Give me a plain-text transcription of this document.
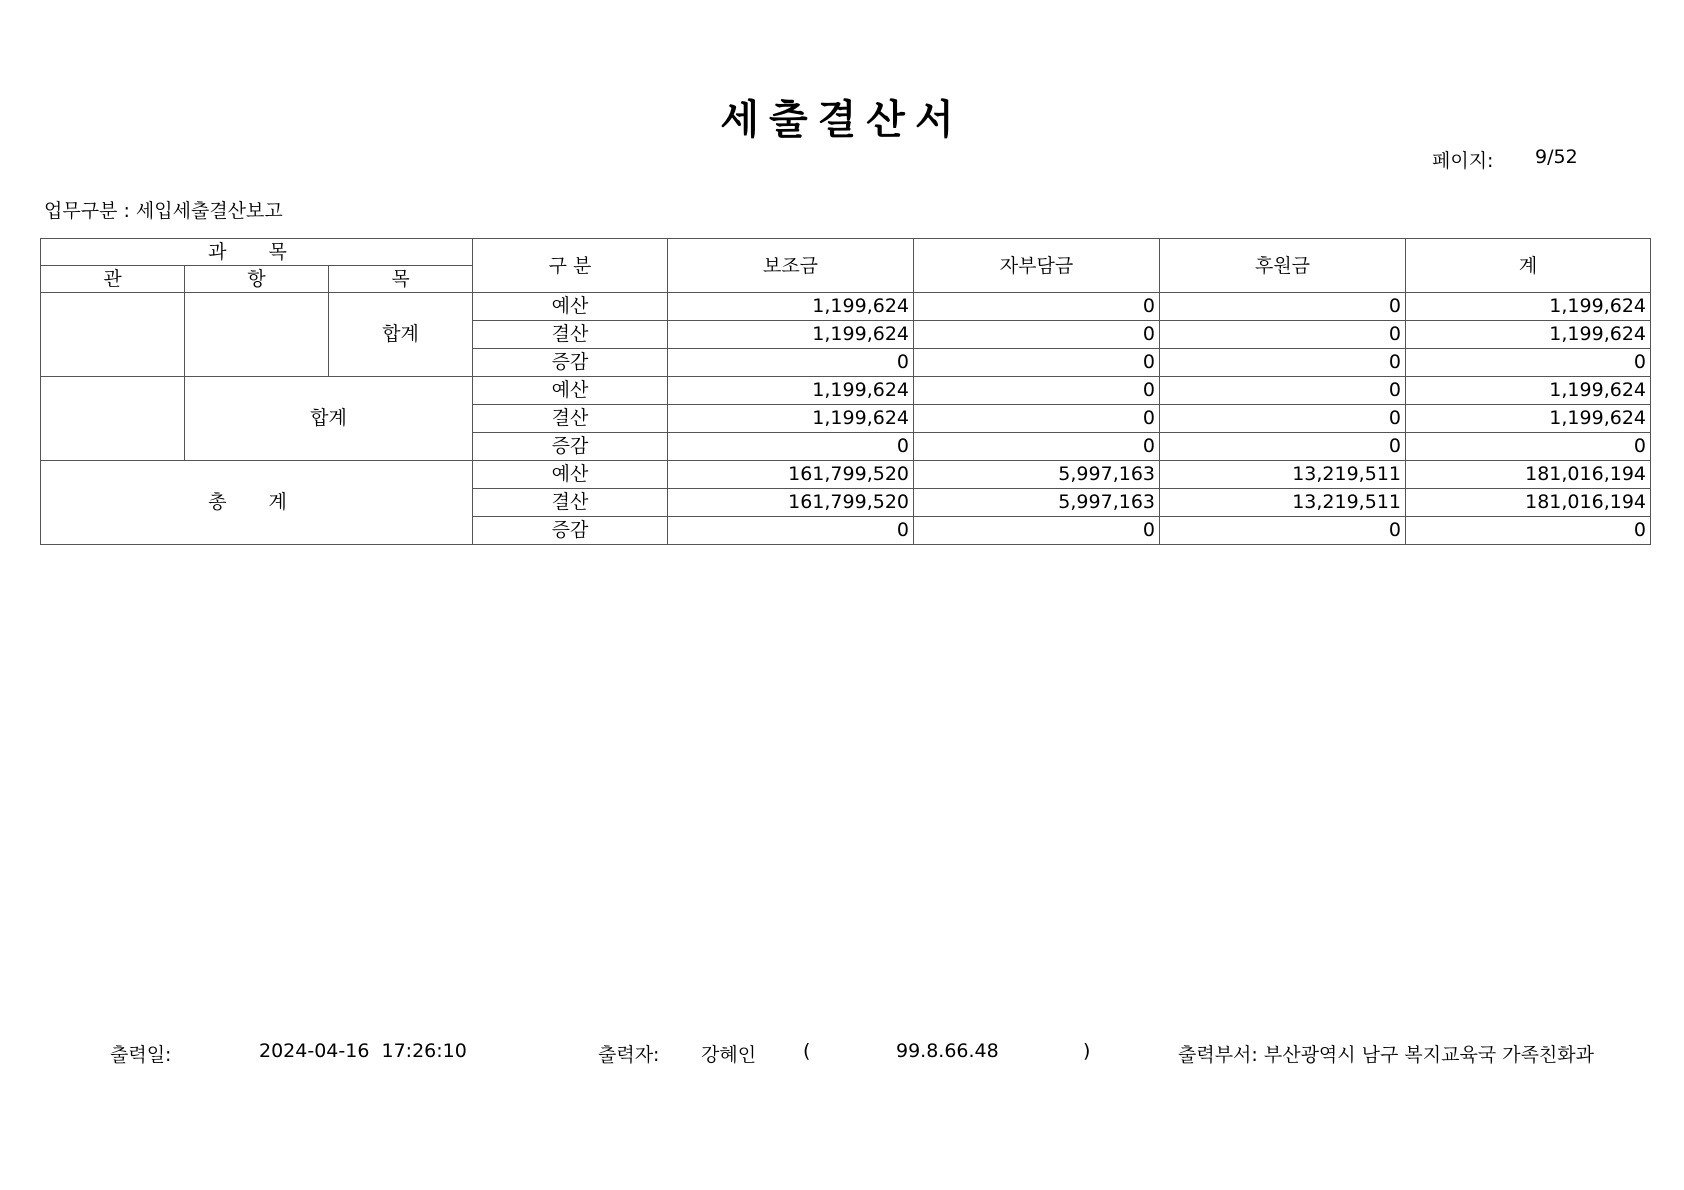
세출결산서
페이지: 9/52
업무구분 : 세입세출결산보고
과 목			구 분	보조금	자부담금	후원금	계
관	항	목					
		합계	예산	1,199,624	0	0	1,199,624
			결산	1,199,624	0	0	1,199,624
			증감	0	0	0	0
	합계		예산	1,199,624	0	0	1,199,624
			결산	1,199,624	0	0	1,199,624
			증감	0	0	0	0
총 계			예산	161,799,520	5,997,163	13,219,511	181,016,194
			결산	161,799,520	5,997,163	13,219,511	181,016,194
			증감	0	0	0	0
출력일:	2024-04-16  17:26:10	출력자: 강혜인 (	99.8.66.48	)	출력부서: 부산광역시 남구 복지교육국 가족친화과
